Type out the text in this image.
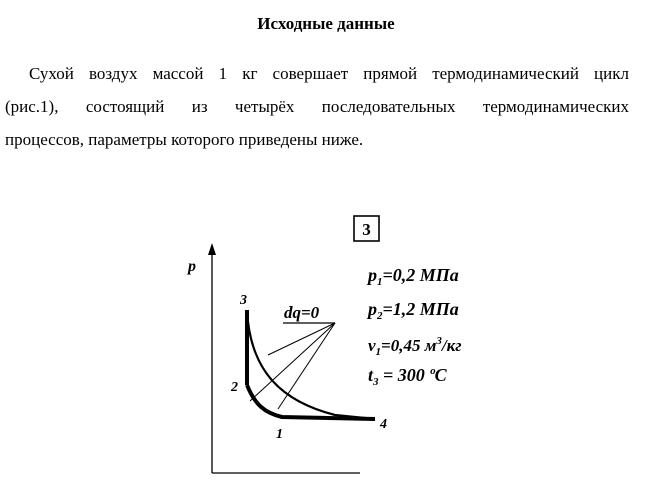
Исходные данные
Сухой воздух массой 1 кг совершает прямой термодинамический цикл
(рис.1), состоящий из четырёх последовательных термодинамических
процессов, параметры которого приведены ниже.
3
p
dq=0
3
2
1
4
$p_1=0,2$ МПа
$p_2=1,2$ МПа
$v_1=0,45$ $м^3/кг$
$t_3 = 300$ ºC
